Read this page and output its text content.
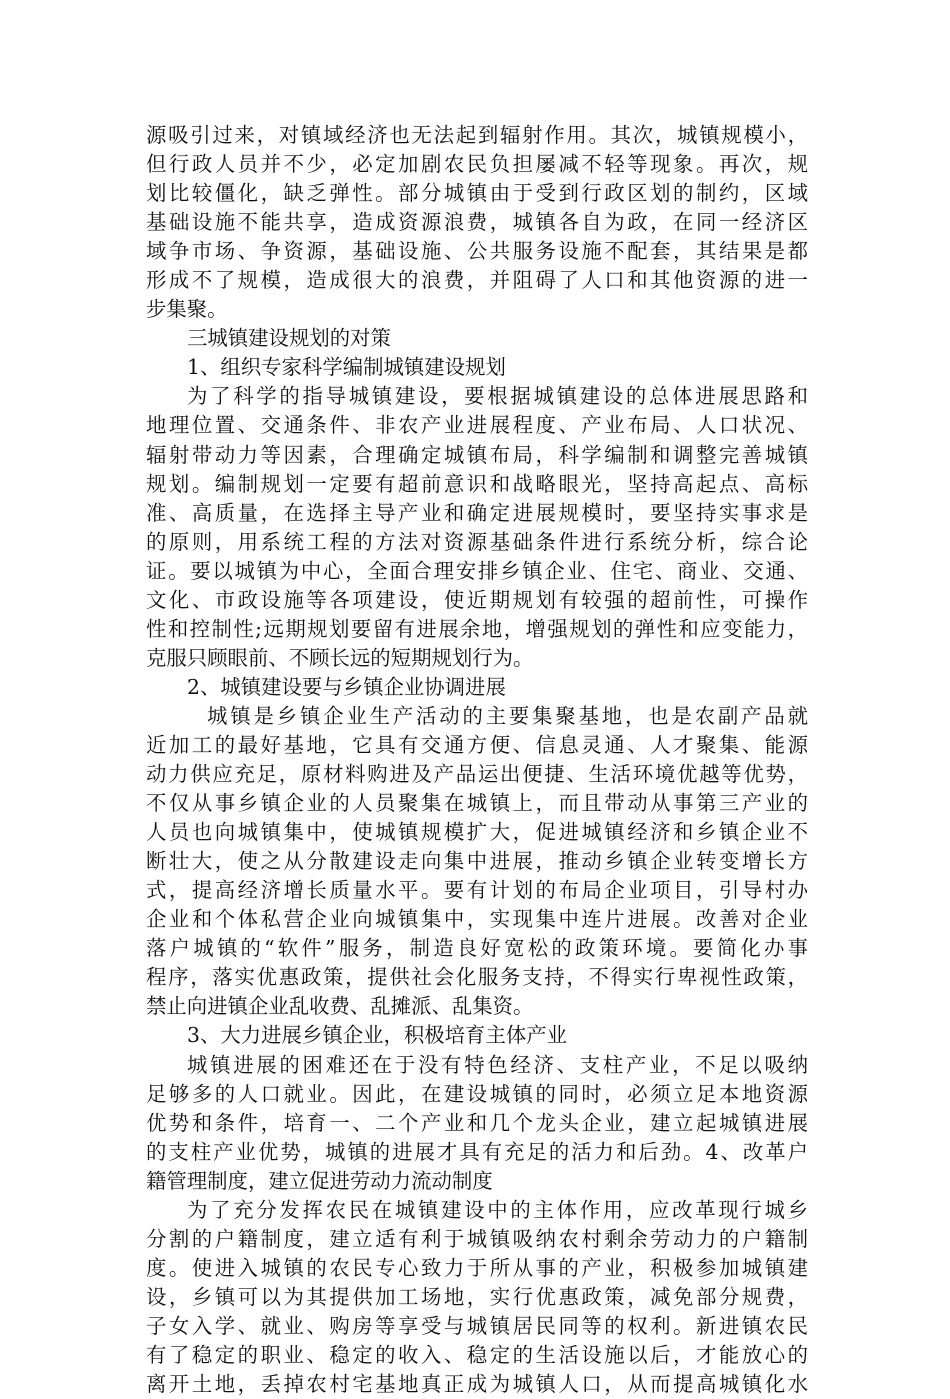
源吸引过来，对镇域经济也无法起到辐射作用。其次，城镇规模小，
但行政人员并不少，必定加剧农民负担屡减不轻等现象。再次，规
划比较僵化，缺乏弹性。部分城镇由于受到行政区划的制约，区域
基础设施不能共享，造成资源浪费，城镇各自为政，在同一经济区
域争市场、争资源，基础设施、公共服务设施不配套，其结果是都
形成不了规模，造成很大的浪费，并阻碍了人口和其他资源的进一
步集聚。
三城镇建设规划的对策
1、组织专家科学编制城镇建设规划
为了科学的指导城镇建设，要根据城镇建设的总体进展思路和
地理位置、交通条件、非农产业进展程度、产业布局、人口状况、
辐射带动力等因素，合理确定城镇布局，科学编制和调整完善城镇
规划。编制规划一定要有超前意识和战略眼光，坚持高起点、高标
准、高质量，在选择主导产业和确定进展规模时，要坚持实事求是
的原则，用系统工程的方法对资源基础条件进行系统分析，综合论
证。要以城镇为中心，全面合理安排乡镇企业、住宅、商业、交通、
文化、市政设施等各项建设，使近期规划有较强的超前性，可操作
性和控制性;远期规划要留有进展余地，增强规划的弹性和应变能力，
克服只顾眼前、不顾长远的短期规划行为。
2、城镇建设要与乡镇企业协调进展
城镇是乡镇企业生产活动的主要集聚基地，也是农副产品就
近加工的最好基地，它具有交通方便、信息灵通、人才聚集、能源
动力供应充足，原材料购进及产品运出便捷、生活环境优越等优势，
不仅从事乡镇企业的人员聚集在城镇上，而且带动从事第三产业的
人员也向城镇集中，使城镇规模扩大，促进城镇经济和乡镇企业不
断壮大，使之从分散建设走向集中进展，推动乡镇企业转变增长方
式，提高经济增长质量水平。要有计划的布局企业项目，引导村办
企业和个体私营企业向城镇集中，实现集中连片进展。改善对企业
落户城镇的“软件”服务，制造良好宽松的政策环境。要简化办事
程序，落实优惠政策，提供社会化服务支持，不得实行卑视性政策，
禁止向进镇企业乱收费、乱摊派、乱集资。
3、大力进展乡镇企业，积极培育主体产业
城镇进展的困难还在于没有特色经济、支柱产业，不足以吸纳
足够多的人口就业。因此，在建设城镇的同时，必须立足本地资源
优势和条件，培育一、二个产业和几个龙头企业，建立起城镇进展
的支柱产业优势，城镇的进展才具有充足的活力和后劲。4、改革户
籍管理制度，建立促进劳动力流动制度
为了充分发挥农民在城镇建设中的主体作用，应改革现行城乡
分割的户籍制度，建立适有利于城镇吸纳农村剩余劳动力的户籍制
度。使进入城镇的农民专心致力于所从事的产业，积极参加城镇建
设，乡镇可以为其提供加工场地，实行优惠政策，减免部分规费，
子女入学、就业、购房等享受与城镇居民同等的权利。新进镇农民
有了稳定的职业、稳定的收入、稳定的生活设施以后，才能放心的
离开土地，丢掉农村宅基地真正成为城镇人口，从而提高城镇化水
